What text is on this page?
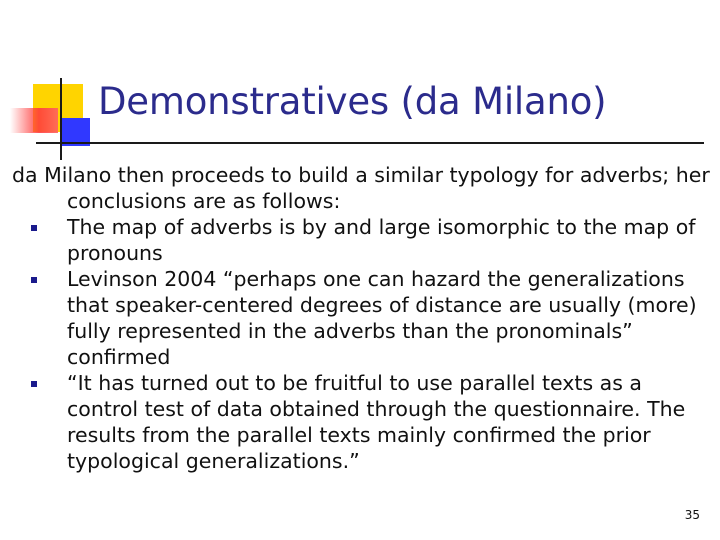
Demonstratives (da Milano)

da Milano then proceeds to build a similar typology for adverbs; her conclusions are as follows:

The map of adverbs is by and large isomorphic to the map of pronouns
Levinson 2004 “perhaps one can hazard the generalizations that speaker-centered degrees of distance are usually (more) fully represented in the adverbs than the pronominals” confirmed
“It has turned out to be fruitful to use parallel texts as a control test of data obtained through the questionnaire. The results from the parallel texts mainly confirmed the prior typological generalizations.”
35
